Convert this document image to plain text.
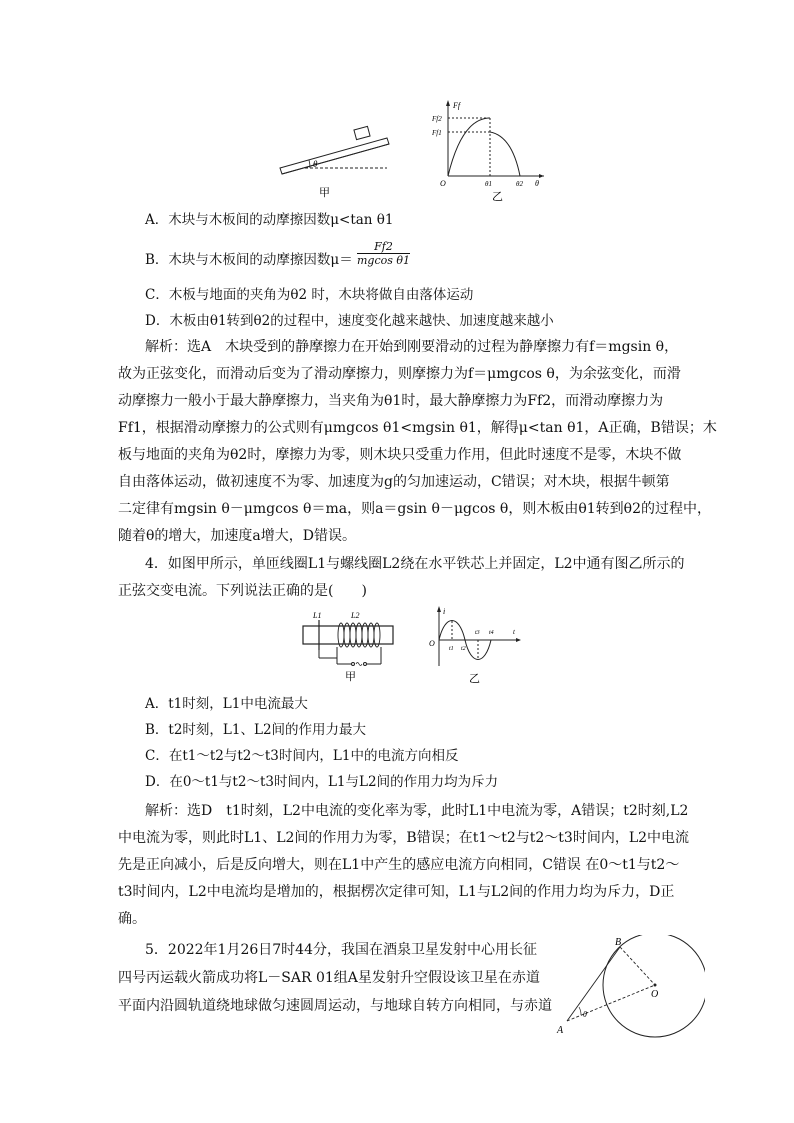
θ
甲
Ff
Ff2
Ff1
O	θ1	θ2 θ
乙
A．木块与木板间的动摩擦因数μ<tan θ1
B．木块与木板间的动摩擦因数$\mu= \frac{Ff2}{\text{mgcos θ1}}$
C．木板与地面的夹角为θ2 时，木块将做自由落体运动
D．木板由θ1转到θ2的过程中，速度变化越来越快、加速度越来越小
解析：选A　木块受到的静摩擦力在开始到刚要滑动的过程为静摩擦力有f＝mgsin θ，
故为正弦变化，而滑动后变为了滑动摩擦力，则摩擦力为f＝μmgcos θ，为余弦变化，而滑
动摩擦力一般小于最大静摩擦力，当夹角为θ1时，最大静摩擦力为Ff2，而滑动摩擦力为
Ff1，根据滑动摩擦力的公式则有μmgcos θ1<mgsin θ1，解得μ<tan θ1，A正确，B错误；木
板与地面的夹角为θ2时，摩擦力为零，则木块只受重力作用，但此时速度不是零，木块不做
自由落体运动，做初速度不为零、加速度为g的匀加速运动，C错误；对木块，根据牛顿第
二定律有mgsin θ－μmgcos θ＝ma，则a＝gsin θ－μgcos θ，则木板由θ1转到θ2的过程中，
随着θ的增大，加速度a增大，D错误。
4．如图甲所示，单匝线圈L1与螺线圈L2绕在水平铁芯上并固定，L2中通有图乙所示的
正弦交变电流。下列说法正确的是(　　)
L1	L2
甲
i
O
t1 t2
t3 t4	t
乙
A．t1时刻，L1中电流最大
B．t2时刻，L1、L2间的作用力最大
C．在t1～t2与t2～t3时间内，L1中的电流方向相反
D．在0～t1与t2～t3时间内，L1与L2间的作用力均为斥力
解析：选D　t1时刻，L2中电流的变化率为零，此时L1中电流为零，A错误；t2时刻,L2
中电流为零，则此时L1、L2间的作用力为零，B错误；在t1～t2与t2～t3时间内，L2中电流
先是正向减小，后是反向增大，则在L1中产生的感应电流方向相同，C错误 在0～t1与t2～
t3时间内，L2中电流均是增加的，根据楞次定律可知，L1与L2间的作用力均为斥力，D正
确。
5．2022年1月26日7时44分，我国在酒泉卫星发射中心用长征
四号丙运载火箭成功将L－SAR 01组A星发射升空假设该卫星在赤道
平面内沿圆轨道绕地球做匀速圆周运动，与地球自转方向相同，与赤道
B
O
A
θ
